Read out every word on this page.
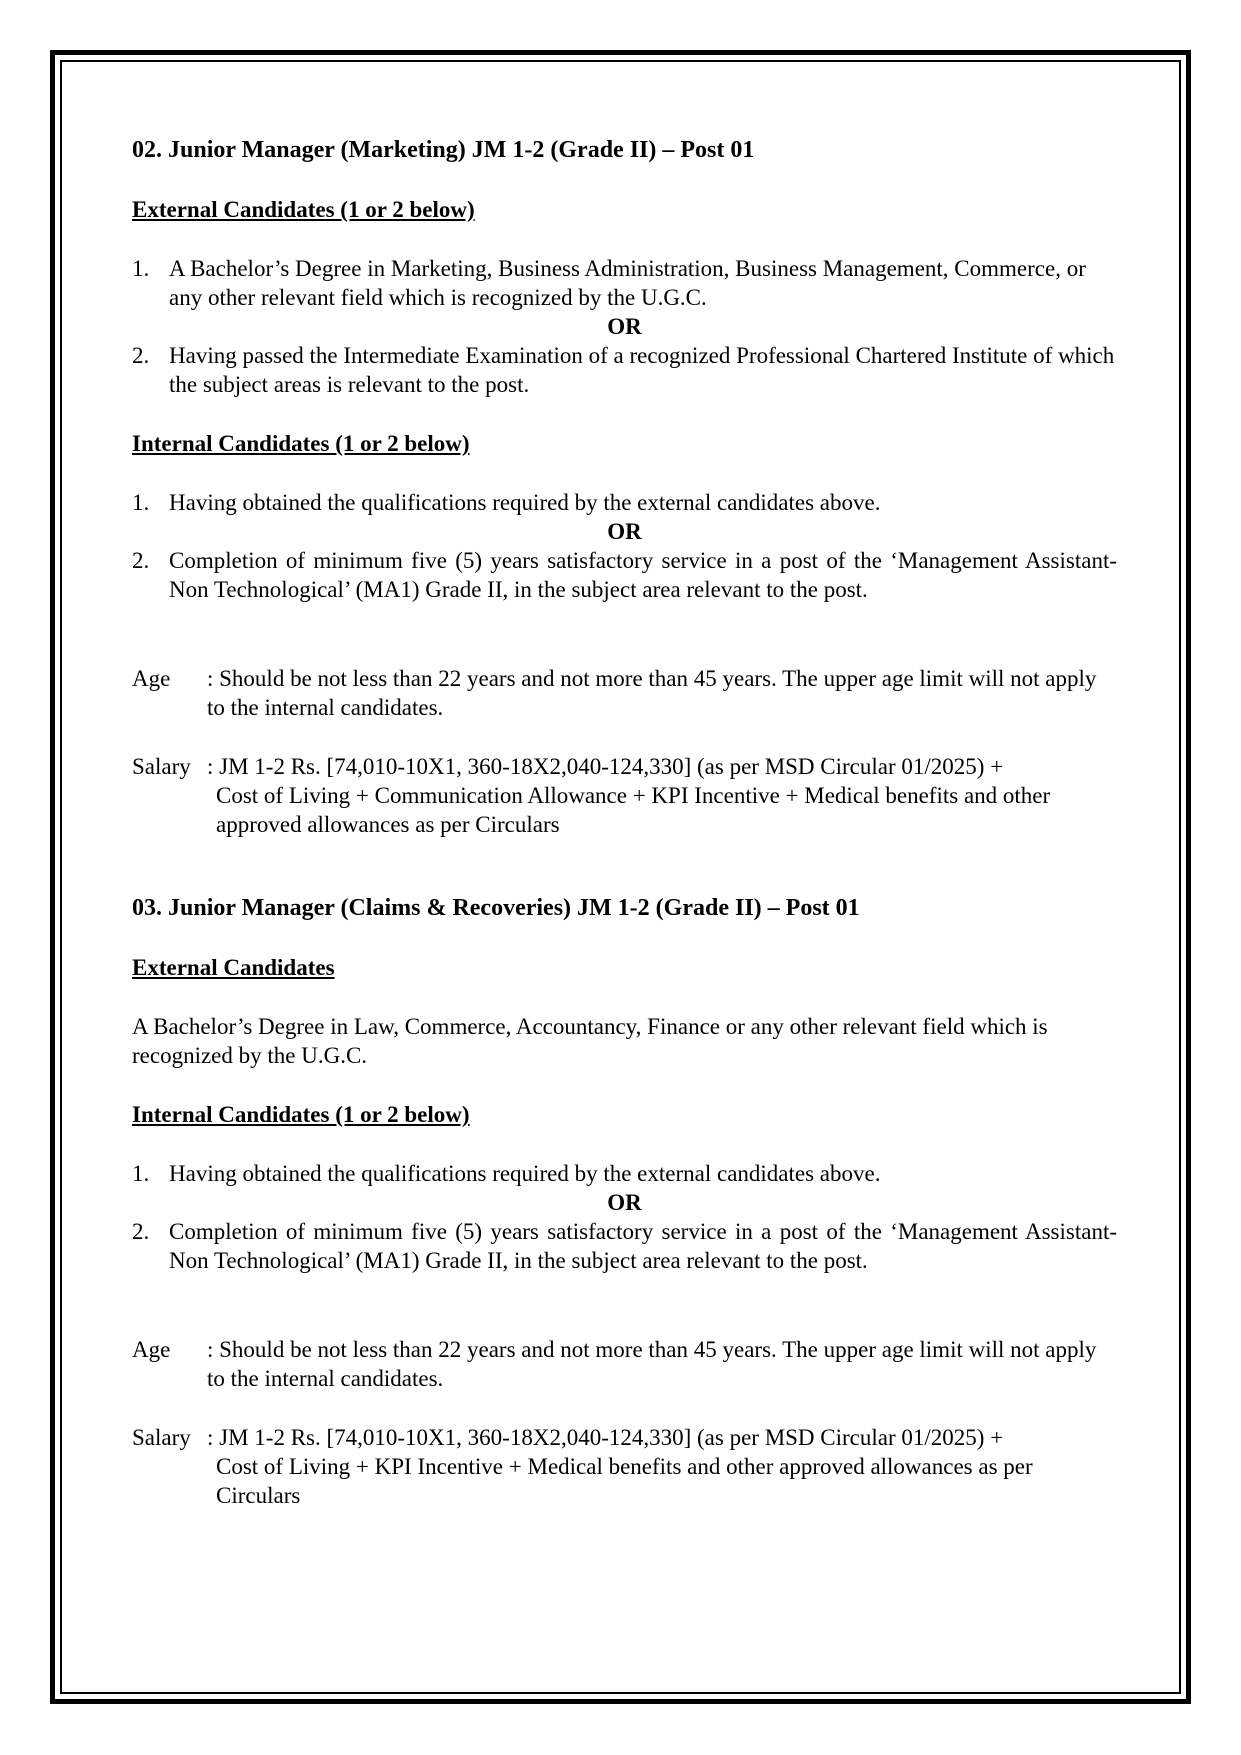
02. Junior Manager (Marketing) JM 1-2 (Grade II) – Post 01
External Candidates (1 or 2 below)
1. A Bachelor’s Degree in Marketing, Business Administration, Business Management, Commerce, or any other relevant field which is recognized by the U.G.C.
OR
2. Having passed the Intermediate Examination of a recognized Professional Chartered Institute of which the subject areas is relevant to the post.
Internal Candidates (1 or 2 below)
1. Having obtained the qualifications required by the external candidates above.
OR
2. Completion of minimum five (5) years satisfactory service in a post of the ‘Management Assistant-Non Technological’ (MA1) Grade II, in the subject area relevant to the post.
Age : Should be not less than 22 years and not more than 45 years. The upper age limit will not apply to the internal candidates.
Salary : JM 1-2 Rs. [74,010-10X1, 360-18X2,040-124,330] (as per MSD Circular 01/2025) +
Cost of Living + Communication Allowance + KPI Incentive + Medical benefits and other approved allowances as per Circulars
03. Junior Manager (Claims & Recoveries) JM 1-2 (Grade II) – Post 01
External Candidates
A Bachelor’s Degree in Law, Commerce, Accountancy, Finance or any other relevant field which is recognized by the U.G.C.
Internal Candidates (1 or 2 below)
1. Having obtained the qualifications required by the external candidates above.
OR
2. Completion of minimum five (5) years satisfactory service in a post of the ‘Management Assistant-Non Technological’ (MA1) Grade II, in the subject area relevant to the post.
Age : Should be not less than 22 years and not more than 45 years. The upper age limit will not apply to the internal candidates.
Salary : JM 1-2 Rs. [74,010-10X1, 360-18X2,040-124,330] (as per MSD Circular 01/2025) +
Cost of Living + KPI Incentive + Medical benefits and other approved allowances as per Circulars
